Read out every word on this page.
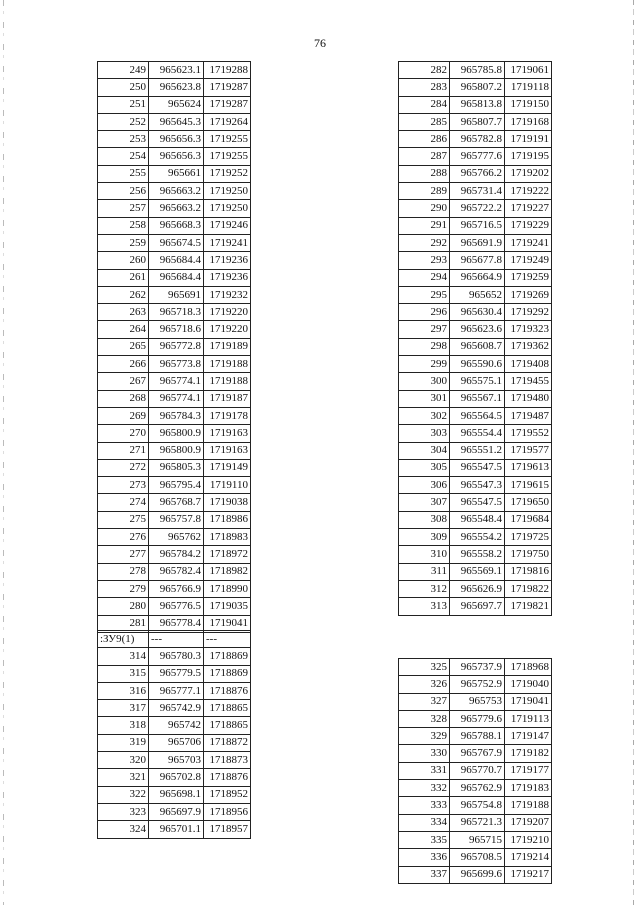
76
249	965623.1	1719288
250	965623.8	1719287
251	965624	1719287
252	965645.3	1719264
253	965656.3	1719255
254	965656.3	1719255
255	965661	1719252
256	965663.2	1719250
257	965663.2	1719250
258	965668.3	1719246
259	965674.5	1719241
260	965684.4	1719236
261	965684.4	1719236
262	965691	1719232
263	965718.3	1719220
264	965718.6	1719220
265	965772.8	1719189
266	965773.8	1719188
267	965774.1	1719188
268	965774.1	1719187
269	965784.3	1719178
270	965800.9	1719163
271	965800.9	1719163
272	965805.3	1719149
273	965795.4	1719110
274	965768.7	1719038
275	965757.8	1718986
276	965762	1718983
277	965784.2	1718972
278	965782.4	1718982
279	965766.9	1718990
280	965776.5	1719035
281	965778.4	1719041
282	965785.8	1719061
283	965807.2	1719118
284	965813.8	1719150
285	965807.7	1719168
286	965782.8	1719191
287	965777.6	1719195
288	965766.2	1719202
289	965731.4	1719222
290	965722.2	1719227
291	965716.5	1719229
292	965691.9	1719241
293	965677.8	1719249
294	965664.9	1719259
295	965652	1719269
296	965630.4	1719292
297	965623.6	1719323
298	965608.7	1719362
299	965590.6	1719408
300	965575.1	1719455
301	965567.1	1719480
302	965564.5	1719487
303	965554.4	1719552
304	965551.2	1719577
305	965547.5	1719613
306	965547.3	1719615
307	965547.5	1719650
308	965548.4	1719684
309	965554.2	1719725
310	965558.2	1719750
311	965569.1	1719816
312	965626.9	1719822
313	965697.7	1719821
:ЗУ9(1)	---	---
314	965780.3	1718869
315	965779.5	1718869
316	965777.1	1718876
317	965742.9	1718865
318	965742	1718865
319	965706	1718872
320	965703	1718873
321	965702.8	1718876
322	965698.1	1718952
323	965697.9	1718956
324	965701.1	1718957
325	965737.9	1718968
326	965752.9	1719040
327	965753	1719041
328	965779.6	1719113
329	965788.1	1719147
330	965767.9	1719182
331	965770.7	1719177
332	965762.9	1719183
333	965754.8	1719188
334	965721.3	1719207
335	965715	1719210
336	965708.5	1719214
337	965699.6	1719217
